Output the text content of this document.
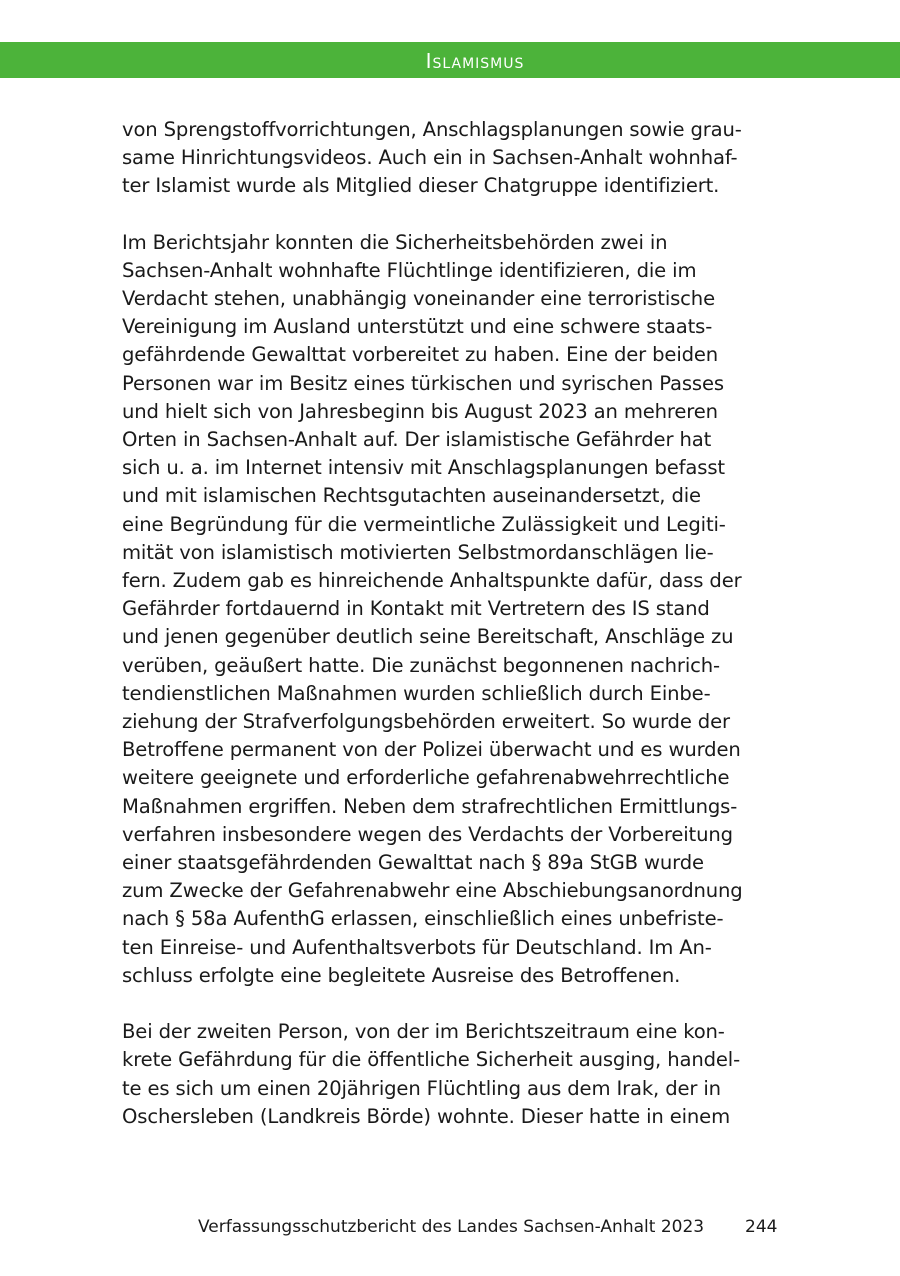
Islamismus

von Sprengstoffvorrichtungen, Anschlagsplanungen sowie grau-
same Hinrichtungsvideos. Auch ein in Sachsen-Anhalt wohnhaf-
ter Islamist wurde als Mitglied dieser Chatgruppe identifiziert.

Im Berichtsjahr konnten die Sicherheitsbehörden zwei in
Sachsen-Anhalt wohnhafte Flüchtlinge identifizieren, die im
Verdacht stehen, unabhängig voneinander eine terroristische
Vereinigung im Ausland unterstützt und eine schwere staats-
gefährdende Gewalttat vorbereitet zu haben. Eine der beiden
Personen war im Besitz eines türkischen und syrischen Passes
und hielt sich von Jahresbeginn bis August 2023 an mehreren
Orten in Sachsen-Anhalt auf. Der islamistische Gefährder hat
sich u. a. im Internet intensiv mit Anschlagsplanungen befasst
und mit islamischen Rechtsgutachten auseinandersetzt, die
eine Begründung für die vermeintliche Zulässigkeit und Legiti-
mität von islamistisch motivierten Selbstmordanschlägen lie-
fern. Zudem gab es hinreichende Anhaltspunkte dafür, dass der
Gefährder fortdauernd in Kontakt mit Vertretern des IS stand
und jenen gegenüber deutlich seine Bereitschaft, Anschläge zu
verüben, geäußert hatte. Die zunächst begonnenen nachrich-
tendienstlichen Maßnahmen wurden schließlich durch Einbe-
ziehung der Strafverfolgungsbehörden erweitert. So wurde der
Betroffene permanent von der Polizei überwacht und es wurden
weitere geeignete und erforderliche gefahrenabwehrrechtliche
Maßnahmen ergriffen. Neben dem strafrechtlichen Ermittlungs-
verfahren insbesondere wegen des Verdachts der Vorbereitung
einer staatsgefährdenden Gewalttat nach § 89a StGB wurde
zum Zwecke der Gefahrenabwehr eine Abschiebungsanordnung
nach § 58a AufenthG erlassen, einschließlich eines unbefriste-
ten Einreise- und Aufenthaltsverbots für Deutschland. Im An-
schluss erfolgte eine begleitete Ausreise des Betroffenen.

Bei der zweiten Person, von der im Berichtszeitraum eine kon-
krete Gefährdung für die öffentliche Sicherheit ausging, handel-
te es sich um einen 20jährigen Flüchtling aus dem Irak, der in
Oschersleben (Landkreis Börde) wohnte. Dieser hatte in einem

Verfassungsschutzbericht des Landes Sachsen-Anhalt 2023 244
